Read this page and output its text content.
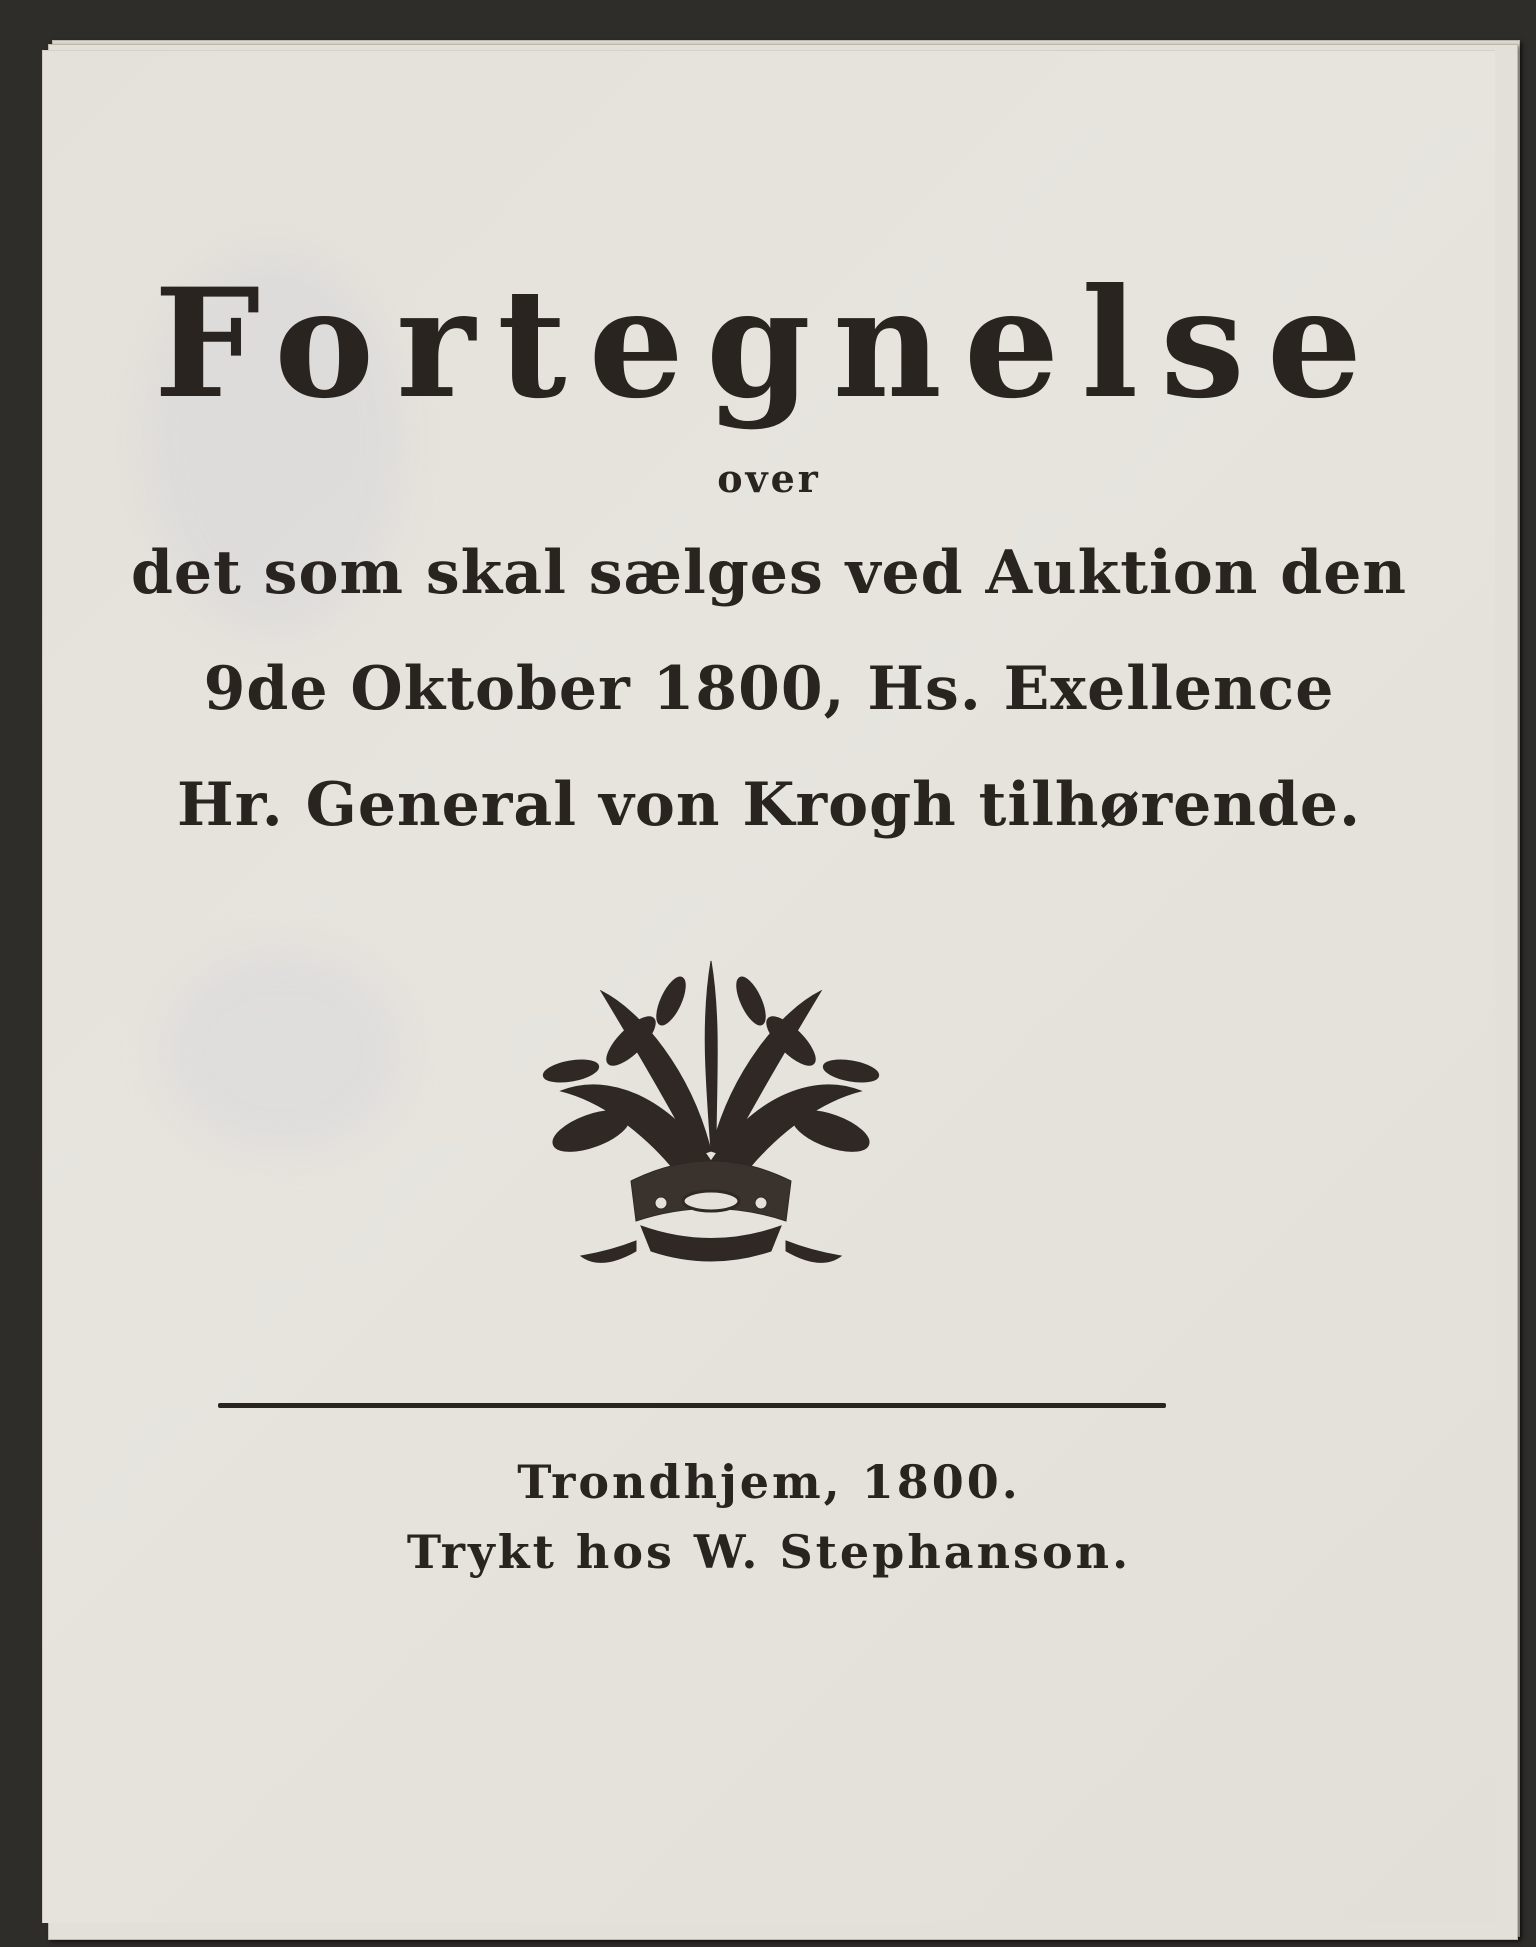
Fortegnelse
over
det som skal sælges ved Auktion den
9de Oktober 1800, Hs. Exellence
Hr. General von Krogh tilhørende.
Trondhjem, 1800.
Trykt hos W. Stephanson.
